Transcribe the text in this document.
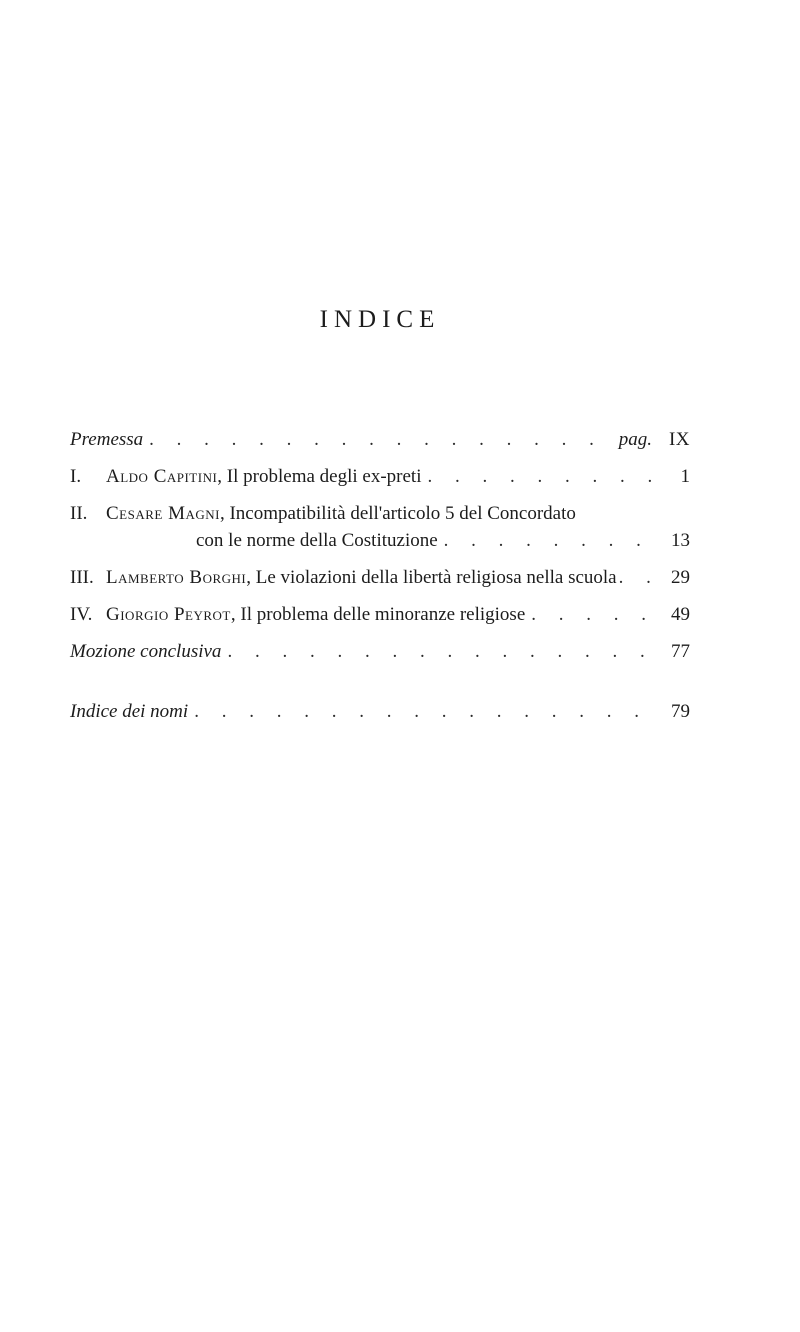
INDICE
Premessa . . .	pag. IX
I.	Aldo Capitini, Il problema degli ex-preti . . .	1
II. Cesare Magni, Incompatibilità dell'articolo 5 del Concordato
con le norme della Costituzione . . .	13
III. Lamberto Borghi, Le violazioni della libertà religiosa nella scuola . . .	29
IV. Giorgio Peyrot, Il problema delle minoranze religiose . . .	49
Mozione conclusiva . . .	77
Indice dei nomi . . .	79
